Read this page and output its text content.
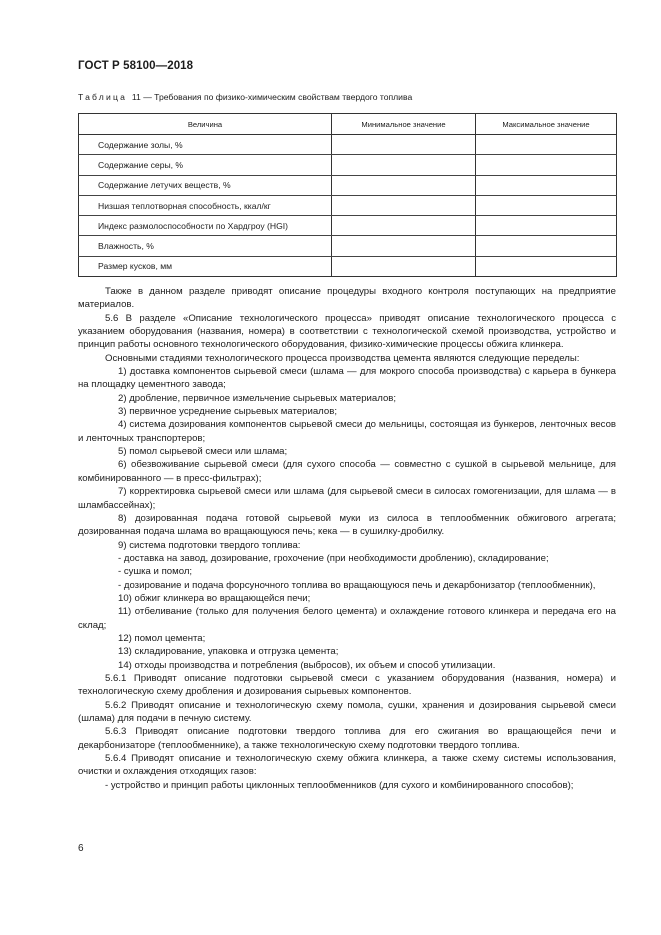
ГОСТ Р 58100—2018
Таблица 11 — Требования по физико-химическим свойствам твердого топлива
Величина	Минимальное значение	Максимальное значение
Содержание золы, %		
Содержание серы, %		
Содержание летучих веществ, %		
Низшая теплотворная способность, ккал/кг		
Индекс размолоспособности по Хардгроу (HGI)		
Влажность, %		
Размер кусков, мм		

Также в данном разделе приводят описание процедуры входного контроля поступающих на предприятие материалов.

5.6 В разделе «Описание технологического процесса» приводят описание технологического процесса с указанием оборудования (названия, номера) в соответствии с технологической схемой производства, устройство и принцип работы основного технологического оборудования, физико-химические процессы обжига клинкера.

Основными стадиями технологического процесса производства цемента являются следующие переделы:

1) доставка компонентов сырьевой смеси (шлама — для мокрого способа производства) с карьера в бункера на площадку цементного завода;

2) дробление, первичное измельчение сырьевых материалов;

3) первичное усреднение сырьевых материалов;

4) система дозирования компонентов сырьевой смеси до мельницы, состоящая из бункеров, ленточных весов и ленточных транспортеров;

5) помол сырьевой смеси или шлама;

6) обезвоживание сырьевой смеси (для сухого способа — совместно с сушкой в сырьевой мельнице, для комбинированного — в пресс-фильтрах);

7) корректировка сырьевой смеси или шлама (для сырьевой смеси в силосах гомогенизации, для шлама — в шламбассейнах);

8) дозированная подача готовой сырьевой муки из силоса в теплообменник обжигового агрегата; дозированная подача шлама во вращающуюся печь; кека — в сушилку-дробилку.

9) система подготовки твердого топлива:

- доставка на завод, дозирование, грохочение (при необходимости дроблению), складирование;

- сушка и помол;

- дозирование и подача форсуночного топлива во вращающуюся печь и декарбонизатор (теплообменник),

10) обжиг клинкера во вращающейся печи;

11) отбеливание (только для получения белого цемента) и охлаждение готового клинкера и передача его на склад;

12) помол цемента;

13) складирование, упаковка и отгрузка цемента;

14) отходы производства и потребления (выбросов), их объем и способ утилизации.

5.6.1 Приводят описание подготовки сырьевой смеси с указанием оборудования (названия, номера) и технологическую схему дробления и дозирования сырьевых компонентов.

5.6.2 Приводят описание и технологическую схему помола, сушки, хранения и дозирования сырьевой смеси (шлама) для подачи в печную систему.

5.6.3 Приводят описание подготовки твердого топлива для его сжигания во вращающейся печи и декарбонизаторе (теплообменнике), а также технологическую схему подготовки твердого топлива.

5.6.4 Приводят описание и технологическую схему обжига клинкера, а также схему системы использования, очистки и охлаждения отходящих газов:

- устройство и принцип работы циклонных теплообменников (для сухого и комбинированного способов);

6
